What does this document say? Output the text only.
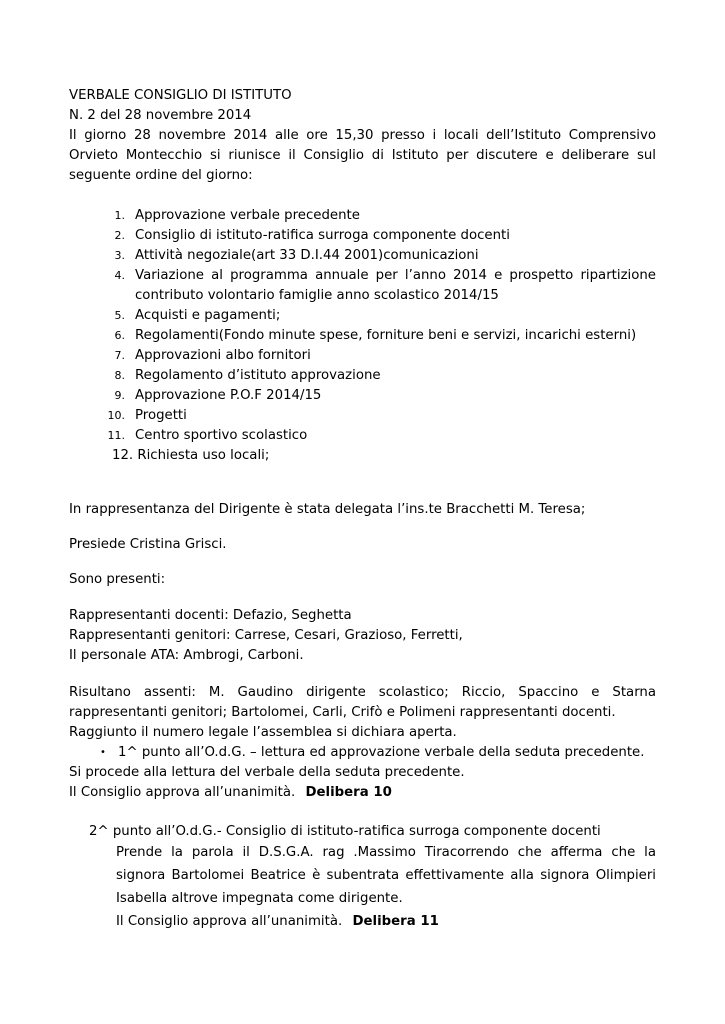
VERBALE CONSIGLIO DI ISTITUTO
N. 2 del 28 novembre 2014
Il giorno 28 novembre 2014 alle ore 15,30 presso i locali dell’Istituto Comprensivo
Orvieto Montecchio si riunisce il Consiglio di Istituto per discutere e deliberare sul
seguente ordine del giorno:
1. Approvazione verbale precedente
2. Consiglio di istituto-ratifica surroga componente docenti
3. Attività negoziale(art 33 D.I.44 2001)comunicazioni
4. Variazione al programma annuale per l’anno 2014 e prospetto ripartizione
contributo volontario famiglie anno scolastico 2014/15
5. Acquisti e pagamenti;
6. Regolamenti(Fondo minute spese, forniture beni e servizi, incarichi esterni)
7. Approvazioni albo fornitori
8. Regolamento d’istituto approvazione
9. Approvazione P.O.F 2014/15
10. Progetti
11. Centro sportivo scolastico
12. Richiesta uso locali;
In rappresentanza del Dirigente è stata delegata l’ins.te Bracchetti M. Teresa;
Presiede Cristina Grisci.
Sono presenti:
Rappresentanti docenti: Defazio, Seghetta
Rappresentanti genitori: Carrese, Cesari, Grazioso, Ferretti,
Il personale ATA: Ambrogi, Carboni.
Risultano assenti: M. Gaudino dirigente scolastico; Riccio, Spaccino e Starna
rappresentanti genitori; Bartolomei, Carli, Crifò e Polimeni rappresentanti docenti.
Raggiunto il numero legale l’assemblea si dichiara aperta.
• 1^ punto all’O.d.G. – lettura ed approvazione verbale della seduta precedente.
Si procede alla lettura del verbale della seduta precedente.
Il Consiglio approva all’unanimità. Delibera 10
2^ punto all’O.d.G.- Consiglio di istituto-ratifica surroga componente docenti
Prende la parola il D.S.G.A. rag .Massimo Tiracorrendo che afferma che la
signora Bartolomei Beatrice è subentrata effettivamente alla signora Olimpieri
Isabella altrove impegnata come dirigente.
Il Consiglio approva all’unanimità. Delibera 11
